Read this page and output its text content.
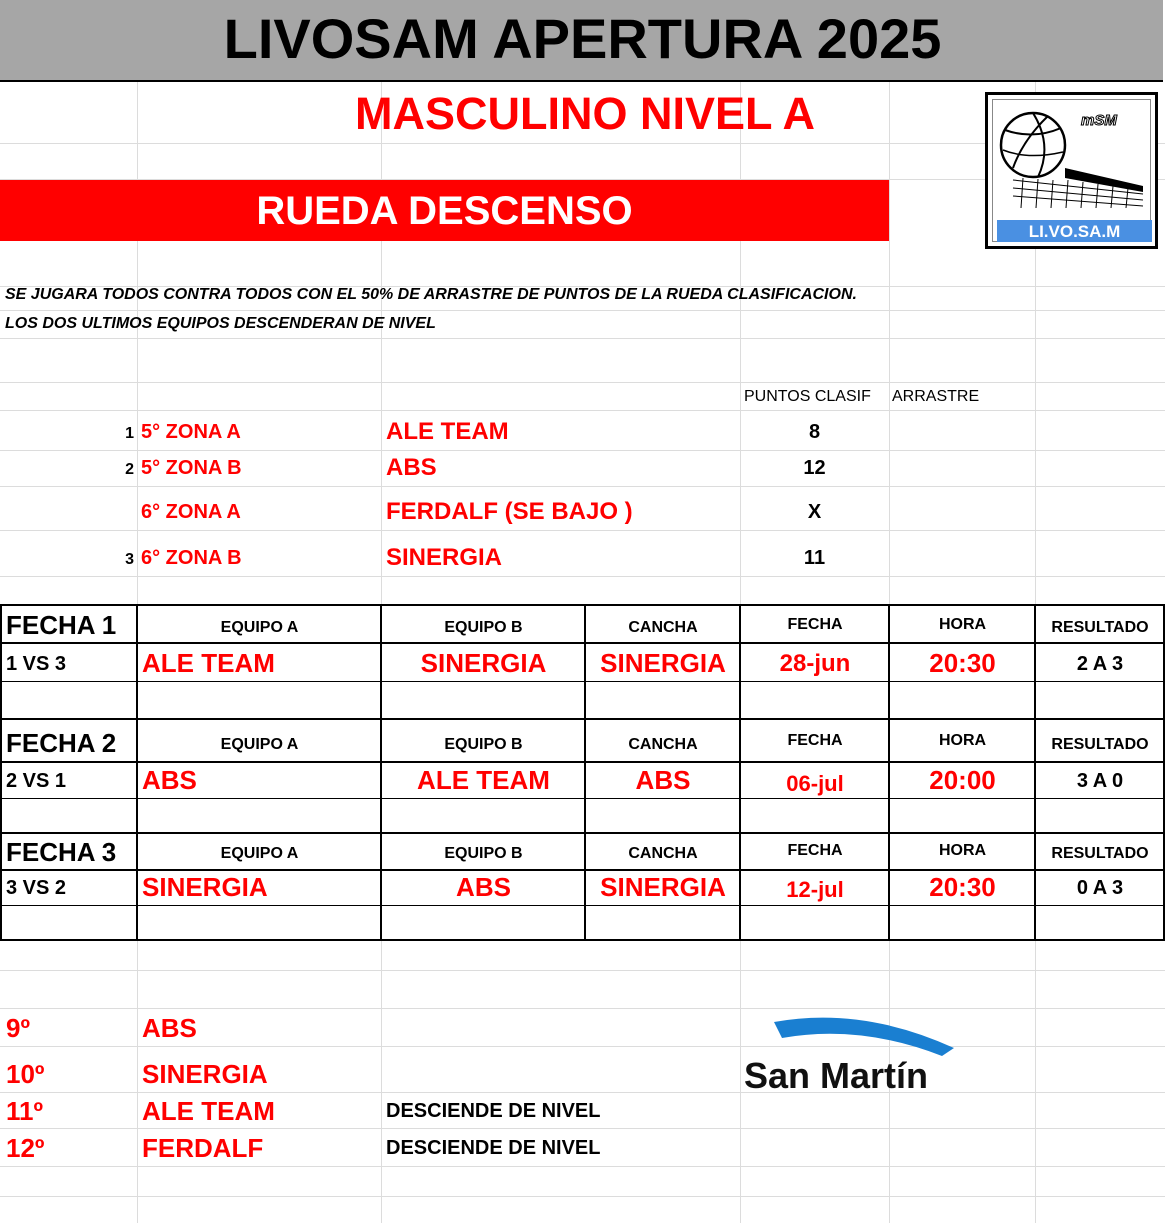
LIVOSAM APERTURA 2025
MASCULINO NIVEL A
RUEDA DESCENSO
mSM
LI.VO.SA.M
SE JUGARA TODOS CONTRA TODOS CON EL 50% DE ARRASTRE DE PUNTOS DE LA RUEDA CLASIFICACION.
LOS DOS ULTIMOS EQUIPOS DESCENDERAN DE NIVEL
PUNTOS CLASIF ARRASTRE
1 5° ZONA A	ALE TEAM	8
2 5° ZONA B	ABS	12
6° ZONA A	FERDALF (SE BAJO )	X
3 6° ZONA B	SINERGIA	11
FECHA 1	EQUIPO A	EQUIPO B	CANCHA	FECHA	HORA	RESULTADO
1 VS 3	ALE TEAM	SINERGIA	SINERGIA	28-jun	20:30	2 A 3
FECHA 2	EQUIPO A	EQUIPO B	CANCHA	FECHA	HORA	RESULTADO
2 VS 1	ABS	ALE TEAM	ABS	06-jul	20:00	3 A 0
FECHA 3	EQUIPO A	EQUIPO B	CANCHA	FECHA	HORA	RESULTADO
3 VS 2	SINERGIA	ABS	SINERGIA	12-jul	20:30	0 A 3
9º	ABS
10º	SINERGIA
11º	ALE TEAM	DESCIENDE DE NIVEL
12º	FERDALF	DESCIENDE DE NIVEL
San Martín
